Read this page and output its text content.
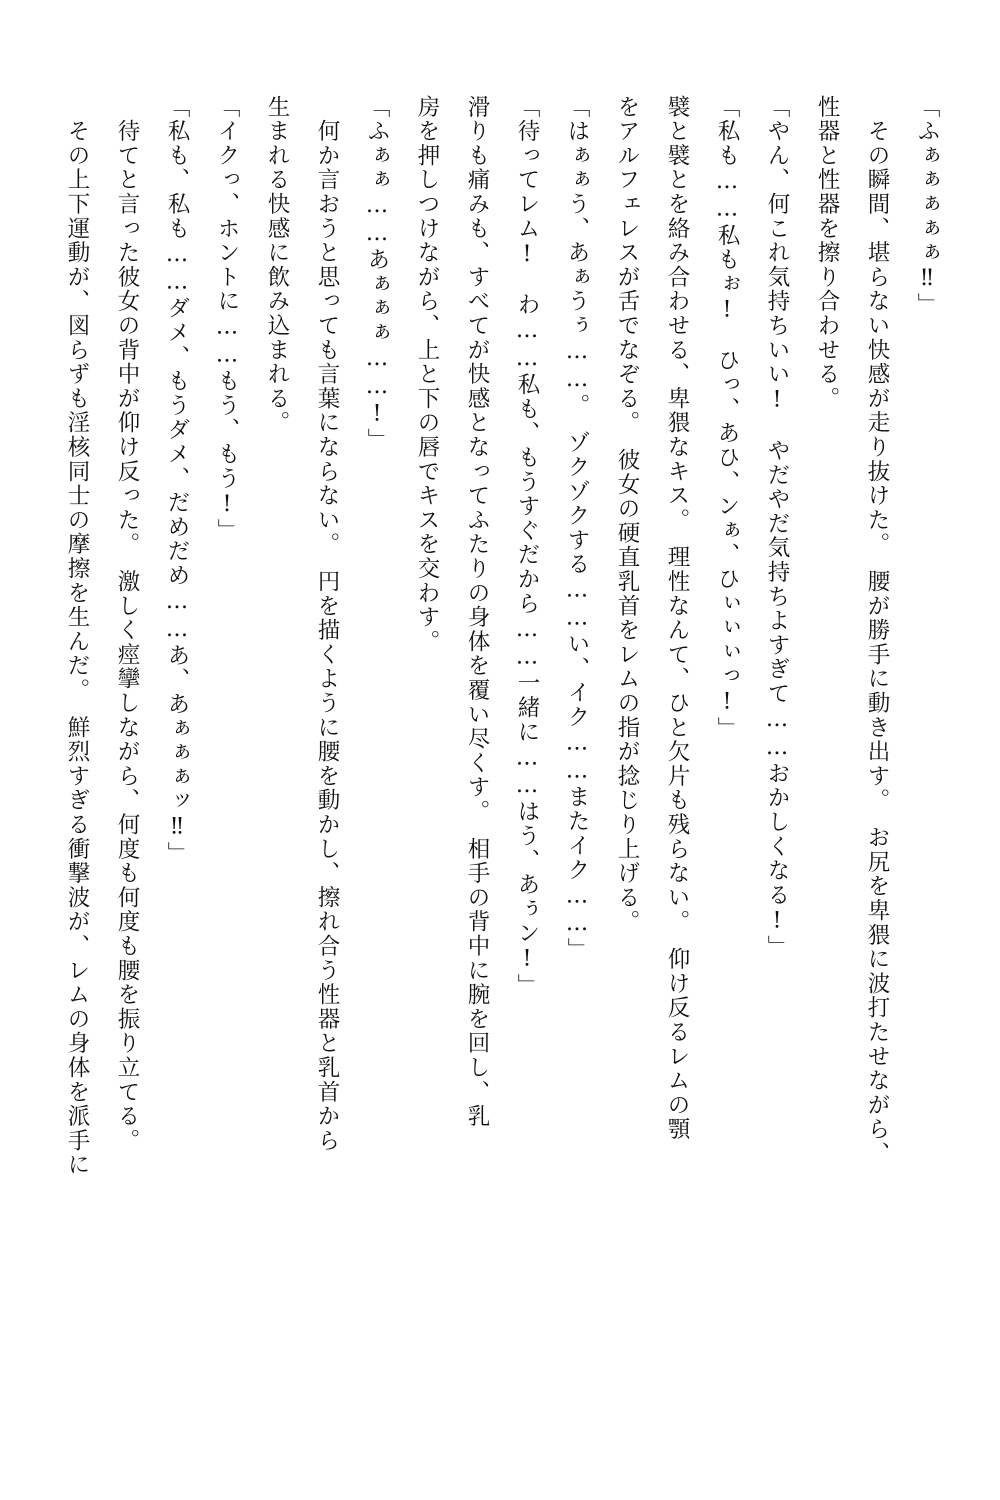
「ふぁぁぁぁぁ‼」
　その瞬間、堪らない快感が走り抜けた。　腰が勝手に動き出す。　お尻を卑猥に波打たせながら、
性器と性器を擦り合わせる。
「やん、何これ気持ちいい!　やだやだ気持ちよすぎて……おかしくなる!」
「私も……私もぉ!　ひっ、あひ、ンぁ、ひぃぃぃっ!」
襞と襞とを絡み合わせる、卑猥なキス。　理性なんて、ひと欠片も残らない。　仰け反るレムの顎
をアルフェレスが舌でなぞる。　彼女の硬直乳首をレムの指が捻じり上げる。
「はぁぁう、あぁうぅ……。　ゾクゾクする……い、イク……またイク……」
「待ってレム!　わ……私も、もうすぐだから……一緒に……はう、あぅン!」
滑りも痛みも、すべてが快感となってふたりの身体を覆い尽くす。　相手の背中に腕を回し、乳
房を押しつけながら、上と下の唇でキスを交わす。
「ふぁぁ……あぁぁぁ……!」
　何か言おうと思っても言葉にならない。　円を描くように腰を動かし、擦れ合う性器と乳首から
生まれる快感に飲み込まれる。
「イクっ、ホントに……もう、もう!」
「私も、私も……ダメ、もうダメ、だめだめ……あ、あぁぁぁッ‼」
　待てと言った彼女の背中が仰け反った。　激しく痙攣しながら、何度も何度も腰を振り立てる。
　その上下運動が、図らずも淫核同士の摩擦を生んだ。　鮮烈すぎる衝撃波が、レムの身体を派手に
